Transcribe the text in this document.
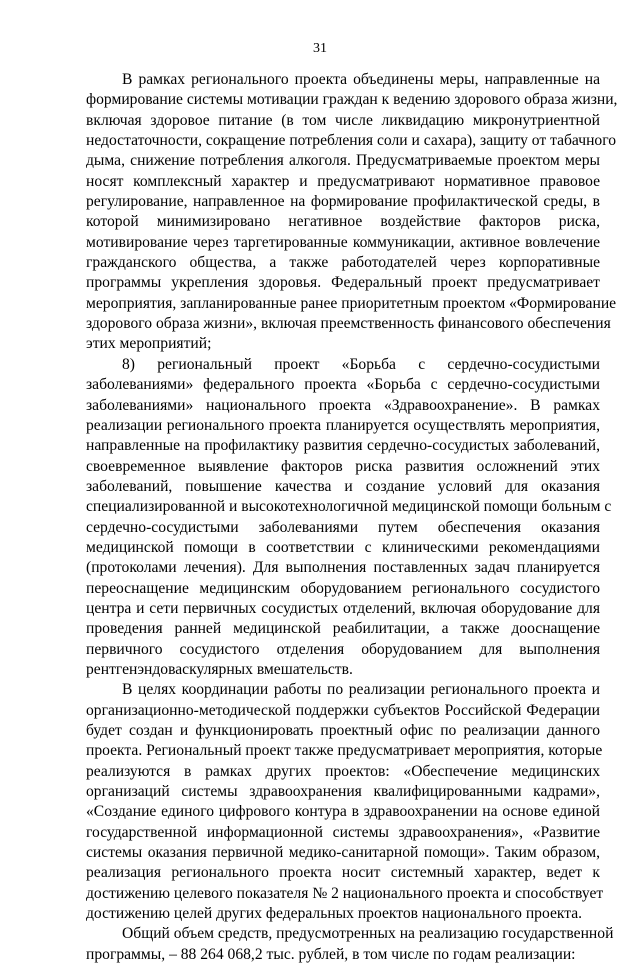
31
В рамках регионального проекта объединены меры, направленные на
формирование системы мотивации граждан к ведению здорового образа жизни,
включая здоровое питание (в том числе ликвидацию микронутриентной
недостаточности, сокращение потребления соли и сахара), защиту от табачного
дыма, снижение потребления алкоголя. Предусматриваемые проектом меры
носят комплексный характер и предусматривают нормативное правовое
регулирование, направленное на формирование профилактической среды, в
которой минимизировано негативное воздействие факторов риска,
мотивирование через таргетированные коммуникации, активное вовлечение
гражданского общества, а также работодателей через корпоративные
программы укрепления здоровья. Федеральный проект предусматривает
мероприятия, запланированные ранее приоритетным проектом «Формирование
здорового образа жизни», включая преемственность финансового обеспечения
этих мероприятий;
8) региональный проект «Борьба с сердечно-сосудистыми
заболеваниями» федерального проекта «Борьба с сердечно-сосудистыми
заболеваниями» национального проекта «Здравоохранение». В рамках
реализации регионального проекта планируется осуществлять мероприятия,
направленные на профилактику развития сердечно-сосудистых заболеваний,
своевременное выявление факторов риска развития осложнений этих
заболеваний, повышение качества и создание условий для оказания
специализированной и высокотехнологичной медицинской помощи больным с
сердечно-сосудистыми заболеваниями путем обеспечения оказания
медицинской помощи в соответствии с клиническими рекомендациями
(протоколами лечения). Для выполнения поставленных задач планируется
переоснащение медицинским оборудованием регионального сосудистого
центра и сети первичных сосудистых отделений, включая оборудование для
проведения ранней медицинской реабилитации, а также дооснащение
первичного сосудистого отделения оборудованием для выполнения
рентгенэндоваскулярных вмешательств.
В целях координации работы по реализации регионального проекта и
организационно-методической поддержки субъектов Российской Федерации
будет создан и функционировать проектный офис по реализации данного
проекта. Региональный проект также предусматривает мероприятия, которые
реализуются в рамках других проектов: «Обеспечение медицинских
организаций системы здравоохранения квалифицированными кадрами»,
«Создание единого цифрового контура в здравоохранении на основе единой
государственной информационной системы здравоохранения», «Развитие
системы оказания первичной медико-санитарной помощи». Таким образом,
реализация регионального проекта носит системный характер, ведет к
достижению целевого показателя № 2 национального проекта и способствует
достижению целей других федеральных проектов национального проекта.
Общий объем средств, предусмотренных на реализацию государственной
программы, – 88 264 068,2 тыс. рублей, в том числе по годам реализации:
